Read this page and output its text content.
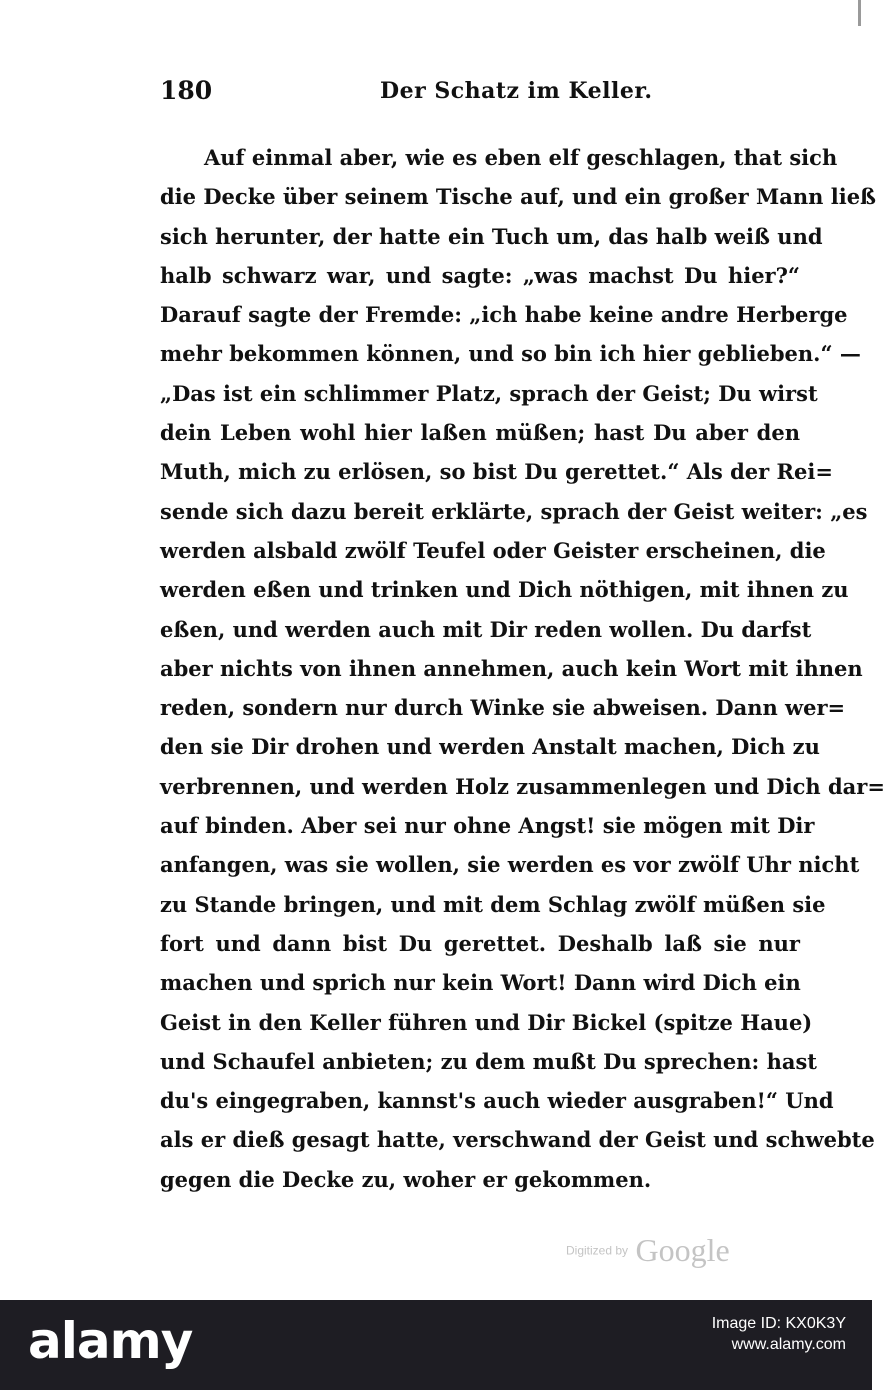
180	Der Schatz im Keller.
Auf einmal aber, wie es eben elf geschlagen, that sich
die Decke über seinem Tische auf, und ein großer Mann ließ
sich herunter, der hatte ein Tuch um, das halb weiß und
halb schwarz war, und sagte: „was machst Du hier?“
Darauf sagte der Fremde: „ich habe keine andre Herberge
mehr bekommen können, und so bin ich hier geblieben.“ —
„Das ist ein schlimmer Platz, sprach der Geist; Du wirst
dein Leben wohl hier laßen müßen; hast Du aber den
Muth, mich zu erlösen, so bist Du gerettet.“ Als der Rei=
sende sich dazu bereit erklärte, sprach der Geist weiter: „es
werden alsbald zwölf Teufel oder Geister erscheinen, die
werden eßen und trinken und Dich nöthigen, mit ihnen zu
eßen, und werden auch mit Dir reden wollen. Du darfst
aber nichts von ihnen annehmen, auch kein Wort mit ihnen
reden, sondern nur durch Winke sie abweisen. Dann wer=
den sie Dir drohen und werden Anstalt machen, Dich zu
verbrennen, und werden Holz zusammenlegen und Dich dar=
auf binden. Aber sei nur ohne Angst! sie mögen mit Dir
anfangen, was sie wollen, sie werden es vor zwölf Uhr nicht
zu Stande bringen, und mit dem Schlag zwölf müßen sie
fort und dann bist Du gerettet. Deshalb laß sie nur
machen und sprich nur kein Wort! Dann wird Dich ein
Geist in den Keller führen und Dir Bickel (spitze Haue)
und Schaufel anbieten; zu dem mußt Du sprechen: hast
du's eingegraben, kannst's auch wieder ausgraben!“ Und
als er dieß gesagt hatte, verschwand der Geist und schwebte
gegen die Decke zu, woher er gekommen.
Digitized by Google
alamy	Image ID: KX0K3Y
www.alamy.com
